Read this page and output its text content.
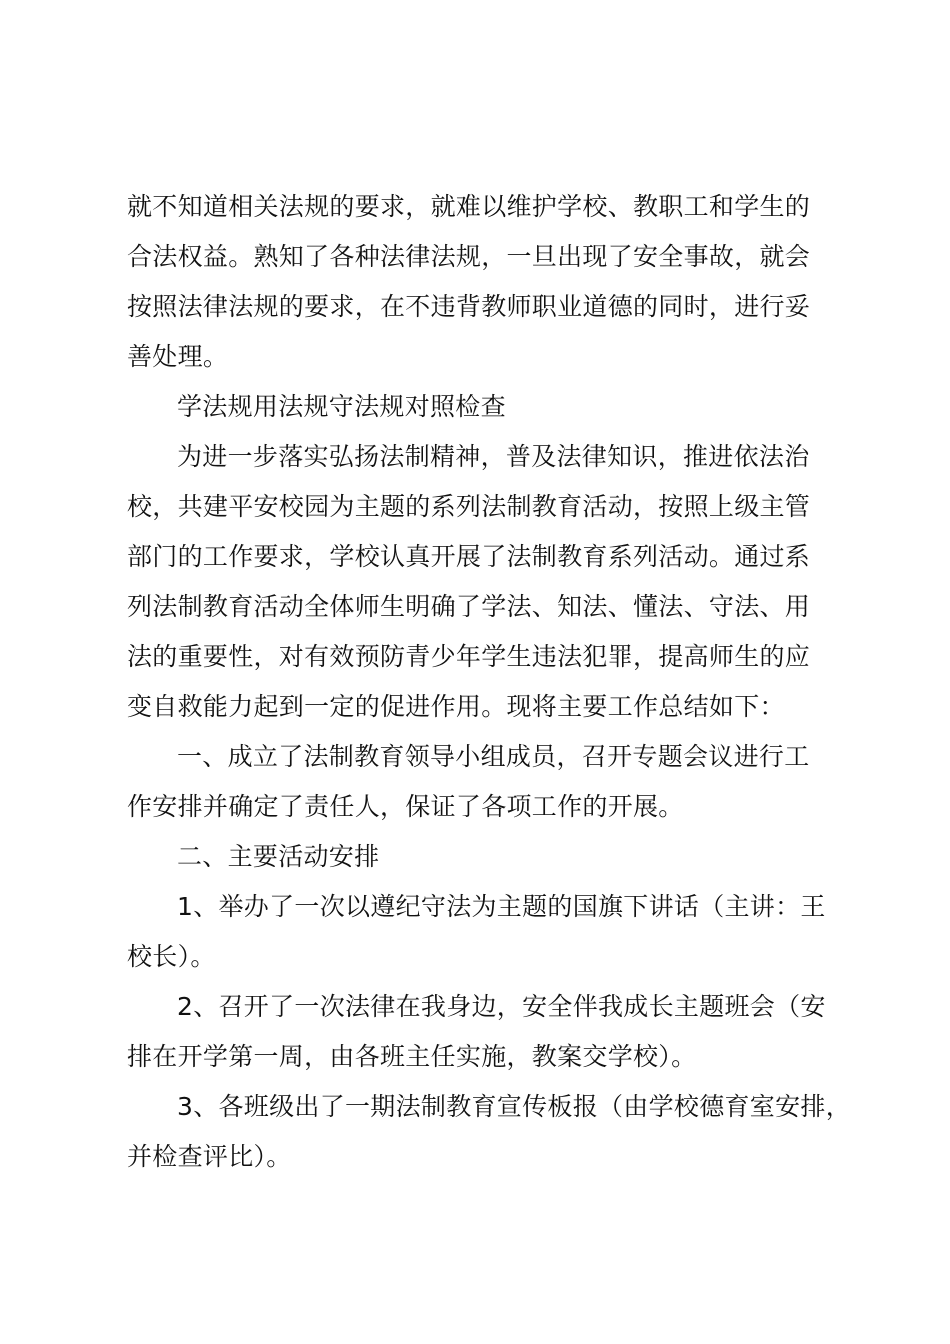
就不知道相关法规的要求，就难以维护学校、教职工和学生的
合法权益。熟知了各种法律法规，一旦出现了安全事故，就会
按照法律法规的要求，在不违背教师职业道德的同时，进行妥
善处理。
学法规用法规守法规对照检查
为进一步落实弘扬法制精神，普及法律知识，推进依法治
校，共建平安校园为主题的系列法制教育活动，按照上级主管
部门的工作要求，学校认真开展了法制教育系列活动。通过系
列法制教育活动全体师生明确了学法、知法、懂法、守法、用
法的重要性，对有效预防青少年学生违法犯罪，提高师生的应
变自救能力起到一定的促进作用。现将主要工作总结如下：
一、成立了法制教育领导小组成员，召开专题会议进行工
作安排并确定了责任人，保证了各项工作的开展。
二、主要活动安排
1、举办了一次以遵纪守法为主题的国旗下讲话（主讲：王
校长）。
2、召开了一次法律在我身边，安全伴我成长主题班会（安
排在开学第一周，由各班主任实施，教案交学校）。
3、各班级出了一期法制教育宣传板报（由学校德育室安排，
并检查评比）。
